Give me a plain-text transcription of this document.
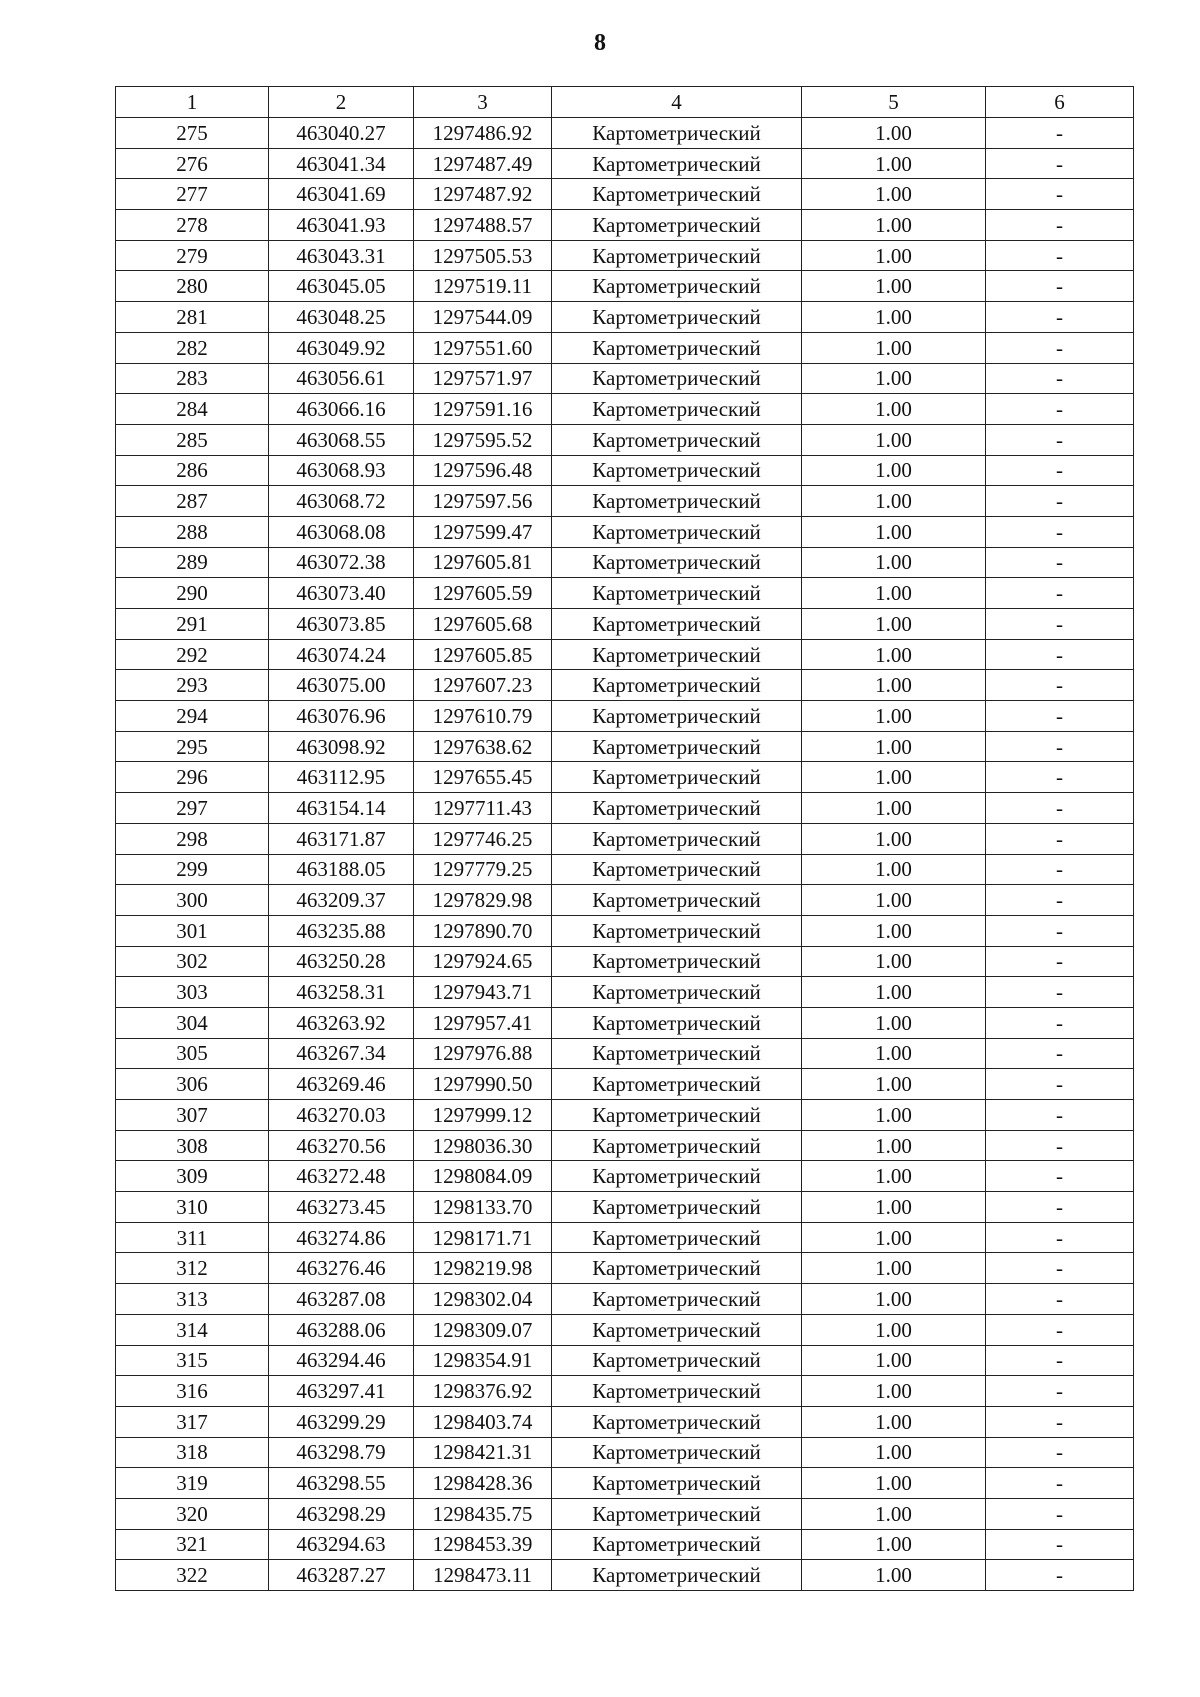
8
1	2	3	4	5	6
275	463040.27	1297486.92	Картометрический	1.00	-
276	463041.34	1297487.49	Картометрический	1.00	-
277	463041.69	1297487.92	Картометрический	1.00	-
278	463041.93	1297488.57	Картометрический	1.00	-
279	463043.31	1297505.53	Картометрический	1.00	-
280	463045.05	1297519.11	Картометрический	1.00	-
281	463048.25	1297544.09	Картометрический	1.00	-
282	463049.92	1297551.60	Картометрический	1.00	-
283	463056.61	1297571.97	Картометрический	1.00	-
284	463066.16	1297591.16	Картометрический	1.00	-
285	463068.55	1297595.52	Картометрический	1.00	-
286	463068.93	1297596.48	Картометрический	1.00	-
287	463068.72	1297597.56	Картометрический	1.00	-
288	463068.08	1297599.47	Картометрический	1.00	-
289	463072.38	1297605.81	Картометрический	1.00	-
290	463073.40	1297605.59	Картометрический	1.00	-
291	463073.85	1297605.68	Картометрический	1.00	-
292	463074.24	1297605.85	Картометрический	1.00	-
293	463075.00	1297607.23	Картометрический	1.00	-
294	463076.96	1297610.79	Картометрический	1.00	-
295	463098.92	1297638.62	Картометрический	1.00	-
296	463112.95	1297655.45	Картометрический	1.00	-
297	463154.14	1297711.43	Картометрический	1.00	-
298	463171.87	1297746.25	Картометрический	1.00	-
299	463188.05	1297779.25	Картометрический	1.00	-
300	463209.37	1297829.98	Картометрический	1.00	-
301	463235.88	1297890.70	Картометрический	1.00	-
302	463250.28	1297924.65	Картометрический	1.00	-
303	463258.31	1297943.71	Картометрический	1.00	-
304	463263.92	1297957.41	Картометрический	1.00	-
305	463267.34	1297976.88	Картометрический	1.00	-
306	463269.46	1297990.50	Картометрический	1.00	-
307	463270.03	1297999.12	Картометрический	1.00	-
308	463270.56	1298036.30	Картометрический	1.00	-
309	463272.48	1298084.09	Картометрический	1.00	-
310	463273.45	1298133.70	Картометрический	1.00	-
311	463274.86	1298171.71	Картометрический	1.00	-
312	463276.46	1298219.98	Картометрический	1.00	-
313	463287.08	1298302.04	Картометрический	1.00	-
314	463288.06	1298309.07	Картометрический	1.00	-
315	463294.46	1298354.91	Картометрический	1.00	-
316	463297.41	1298376.92	Картометрический	1.00	-
317	463299.29	1298403.74	Картометрический	1.00	-
318	463298.79	1298421.31	Картометрический	1.00	-
319	463298.55	1298428.36	Картометрический	1.00	-
320	463298.29	1298435.75	Картометрический	1.00	-
321	463294.63	1298453.39	Картометрический	1.00	-
322	463287.27	1298473.11	Картометрический	1.00	-
